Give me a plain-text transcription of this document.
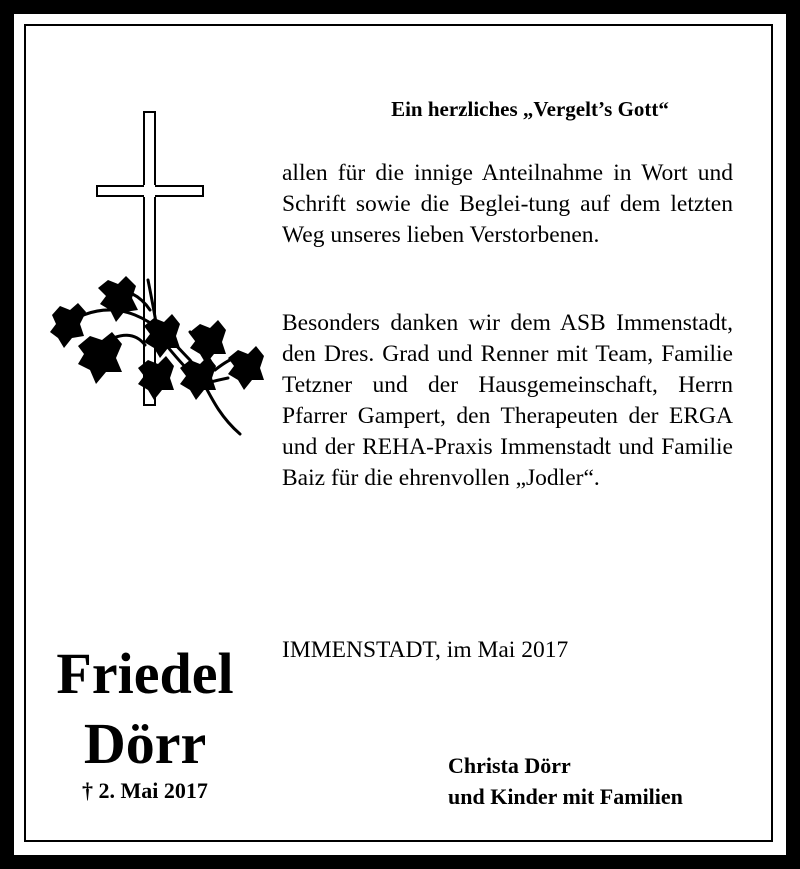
Ein herzliches „Vergelt’s Gott“

allen für die innige Anteilnahme in Wort und Schrift sowie die Beglei-tung auf dem letzten Weg unseres lieben Verstorbenen.

Besonders danken wir dem ASB Immenstadt, den Dres. Grad und Renner mit Team, Familie Tetzner und der Hausgemeinschaft, Herrn Pfarrer Gampert, den Therapeuten der ERGA und der REHA-Praxis Immenstadt und Familie Baiz für die ehrenvollen „Jodler“.

IMMENSTADT, im Mai 2017
Friedel
Dörr
† 2. Mai 2017
Christa Dörr
und Kinder mit Familien
